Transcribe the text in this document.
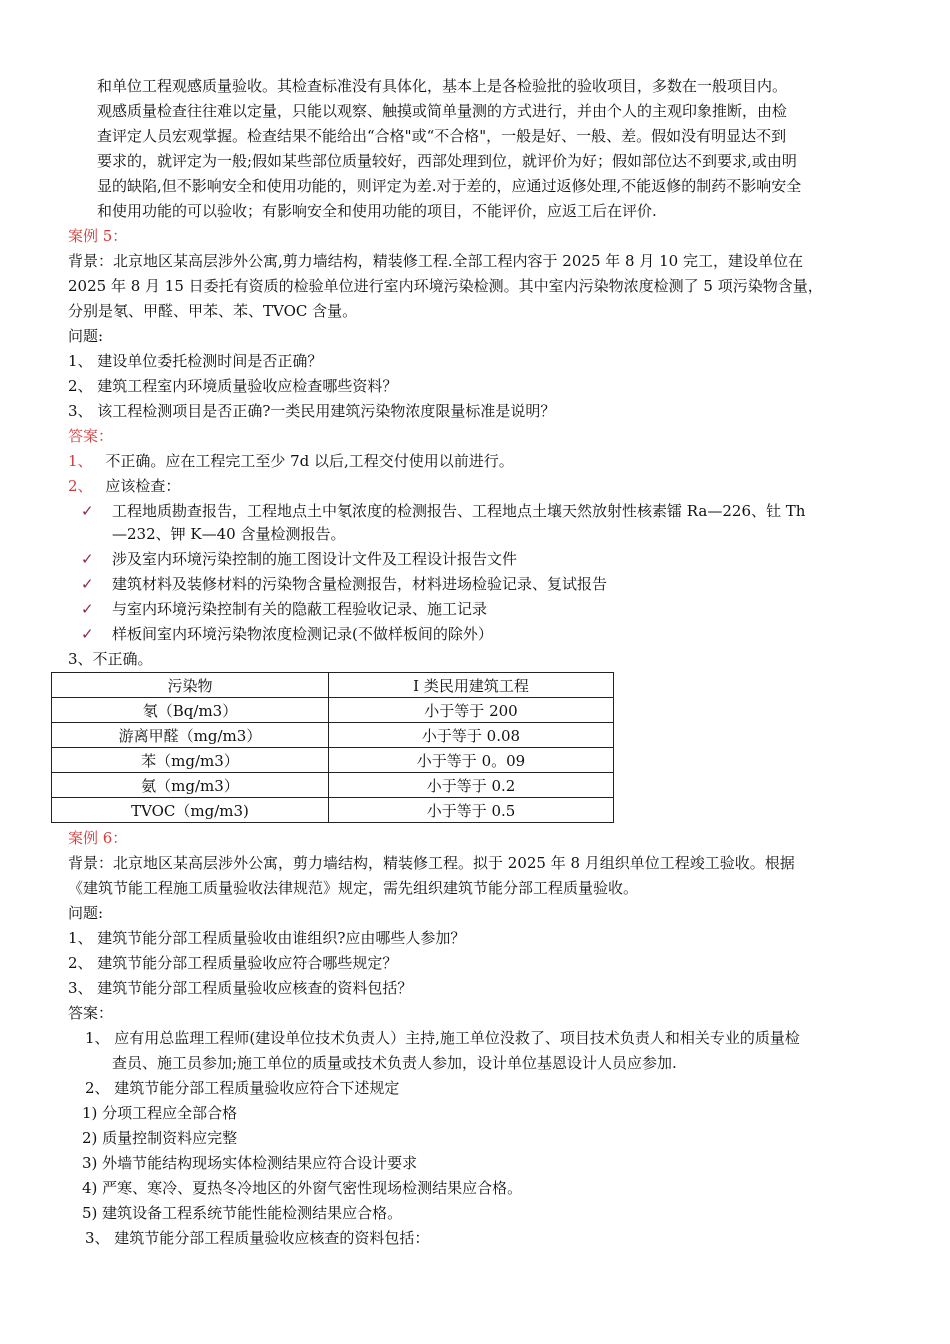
和单位工程观感质量验收。其检查标准没有具体化，基本上是各检验批的验收项目，多数在一般项目内。
观感质量检查往往难以定量，只能以观察、触摸或简单量测的方式进行，并由个人的主观印象推断，由检
查评定人员宏观掌握。检查结果不能给出“合格"或“不合格"，一般是好、一般、差。假如没有明显达不到
要求的，就评定为一般;假如某些部位质量较好，西部处理到位，就评价为好；假如部位达不到要求,或由明
显的缺陷,但不影响安全和使用功能的，则评定为差.对于差的，应通过返修处理,不能返修的制药不影响安全
和使用功能的可以验收；有影响安全和使用功能的项目，不能评价，应返工后在评价.
案例 5：
背景：北京地区某高层涉外公寓,剪力墙结构，精装修工程.全部工程内容于 2025 年 8 月 10 完工，建设单位在
2025 年 8 月 15 日委托有资质的检验单位进行室内环境污染检测。其中室内污染物浓度检测了 5 项污染物含量，
分别是氡、甲醛、甲苯、苯、TVOC 含量。
问题:
1、 建设单位委托检测时间是否正确？
2、 建筑工程室内环境质量验收应检查哪些资料？
3、 该工程检测项目是否正确?一类民用建筑污染物浓度限量标准是说明？
答案：
1、 不正确。应在工程完工至少 7d 以后,工程交付使用以前进行。
2、 应该检查：
✓ 工程地质勘查报告，工程地点土中氡浓度的检测报告、工程地点土壤天然放射性核素镭 Ra—226、钍 Th
—232、钾 K—40 含量检测报告。
✓ 涉及室内环境污染控制的施工图设计文件及工程设计报告文件
✓ 建筑材料及装修材料的污染物含量检测报告，材料进场检验记录、复试报告
✓ 与室内环境污染控制有关的隐蔽工程验收记录、施工记录
✓ 样板间室内环境污染物浓度检测记录(不做样板间的除外）
3、不正确。
污染物	I 类民用建筑工程
氡（Bq/m3）	小于等于 200
游离甲醛（mg/m3）	小于等于 0.08
苯（mg/m3）	小于等于 0。09
氨（mg/m3）	小于等于 0.2
TVOC（mg/m3)	小于等于 0.5
案例 6：
背景：北京地区某高层涉外公寓，剪力墙结构，精装修工程。拟于 2025 年 8 月组织单位工程竣工验收。根据
《建筑节能工程施工质量验收法律规范》规定，需先组织建筑节能分部工程质量验收。
问题:
1、 建筑节能分部工程质量验收由谁组织?应由哪些人参加？
2、 建筑节能分部工程质量验收应符合哪些规定？
3、 建筑节能分部工程质量验收应核查的资料包括？
答案：
1、 应有用总监理工程师(建设单位技术负责人）主持,施工单位没救了、项目技术负责人和相关专业的质量检
查员、施工员参加;施工单位的质量或技术负责人参加，设计单位基恩设计人员应参加.
2、 建筑节能分部工程质量验收应符合下述规定
1) 分项工程应全部合格
2) 质量控制资料应完整
3) 外墙节能结构现场实体检测结果应符合设计要求
4) 严寒、寒冷、夏热冬冷地区的外窗气密性现场检测结果应合格。
5) 建筑设备工程系统节能性能检测结果应合格。
3、 建筑节能分部工程质量验收应核查的资料包括：
